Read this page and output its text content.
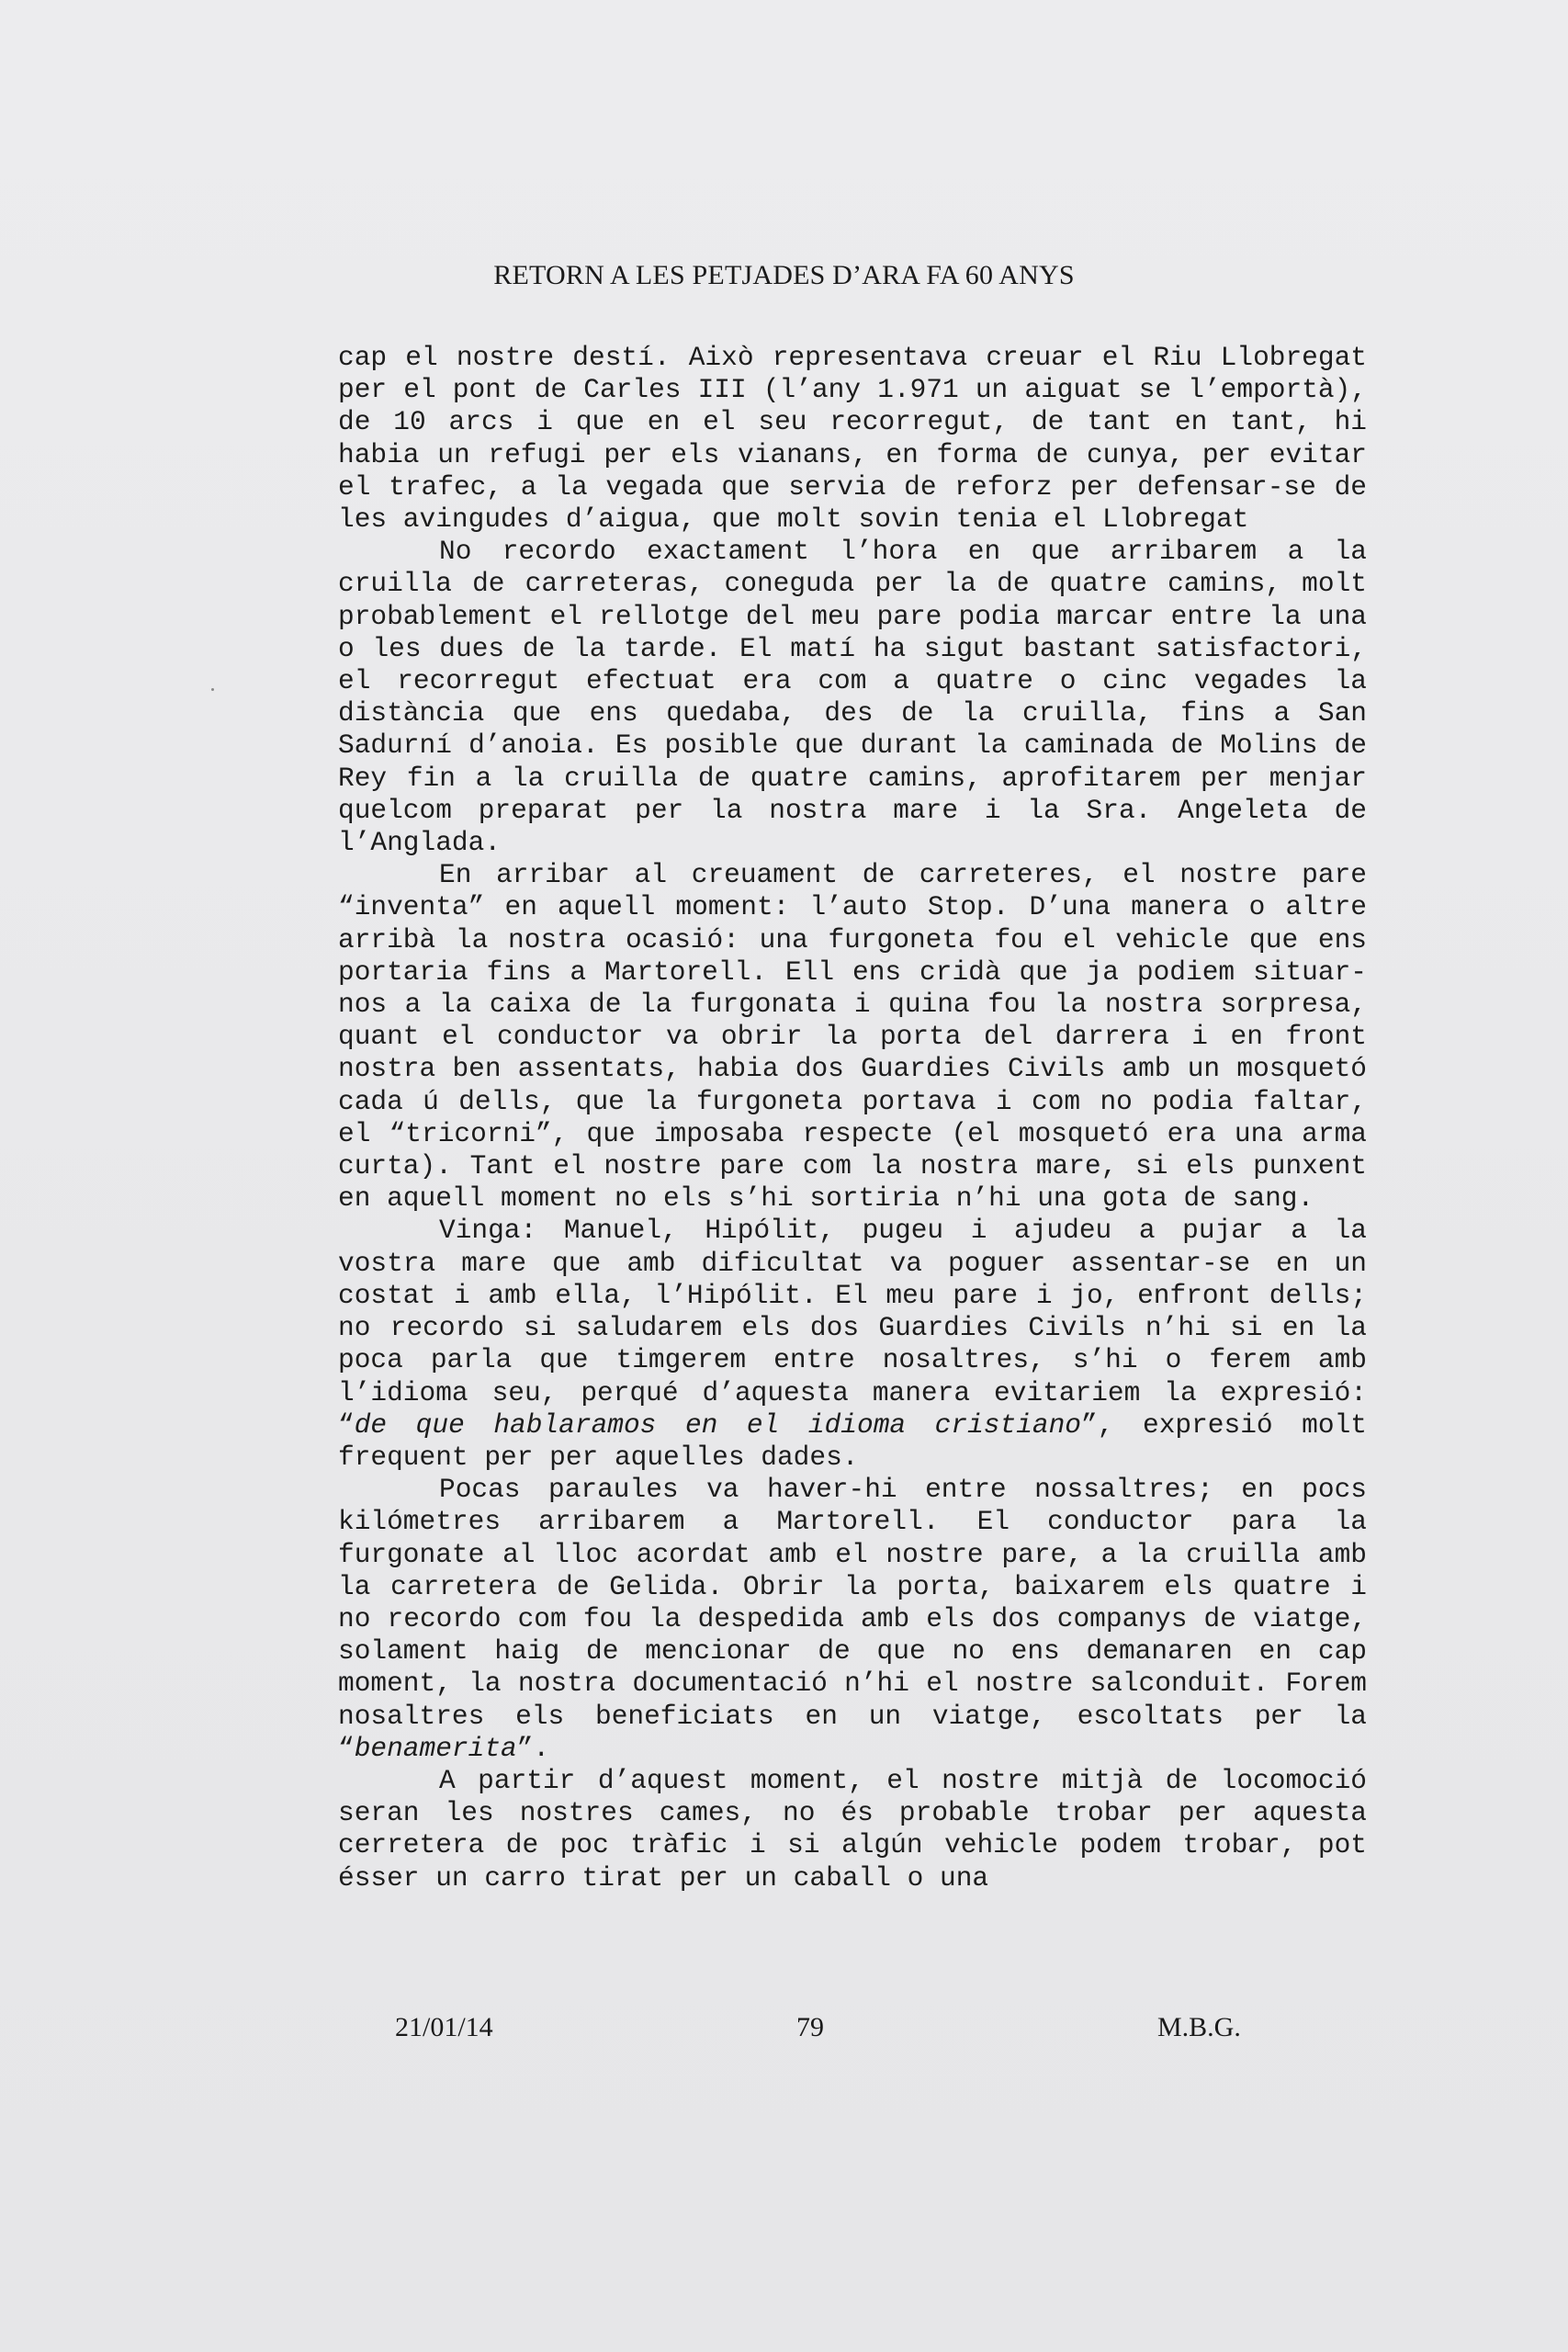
RETORN A LES PETJADES D’ARA FA 60 ANYS

cap el nostre destí. Això representava creuar el Riu Llobregat per el pont de Carles III (l’any 1.971 un aiguat se l’emportà), de 10 arcs i que en el seu recorregut, de tant en tant, hi habia un refugi per els vianans, en forma de cunya, per evitar el trafec, a la vegada que servia de reforz per defensar-se de les avingudes d’aigua, que molt sovin tenia el Llobregat

No recordo exactament l’hora en que arribarem a la cruilla de carreteras, coneguda per la de quatre camins, molt probablement el rellotge del meu pare podia marcar entre la una o les dues de la tarde. El matí ha sigut bastant satisfactori, el recorregut efectuat era com a quatre o cinc vegades la distància que ens quedaba, des de la cruilla, fins a San Sadurní d’anoia. Es posible que durant la caminada de Molins de Rey fin a la cruilla de quatre camins, aprofitarem per menjar quelcom preparat per la nostra mare i la Sra. Angeleta de l’Anglada.

En arribar al creuament de carreteres, el nostre pare “inventa” en aquell moment: l’auto Stop. D’una manera o altre arribà la nostra ocasió: una furgoneta fou el vehicle que ens portaria fins a Martorell. Ell ens cridà que ja podiem situar-nos a la caixa de la furgonata i quina fou la nostra sorpresa, quant el conductor va obrir la porta del darrera i en front nostra ben assentats, habia dos Guardies Civils amb un mosquetó cada ú dells, que la furgoneta portava i com no podia faltar, el “tricorni”, que imposaba respecte (el mosquetó era una arma curta). Tant el nostre pare com la nostra mare, si els punxent en aquell moment no els s’hi sortiria n’hi una gota de sang.

Vinga: Manuel, Hipólit, pugeu i ajudeu a pujar a la vostra mare que amb dificultat va poguer assentar-se en un costat i amb ella, l’Hipólit. El meu pare i jo, enfront dells; no recordo si saludarem els dos Guardies Civils n’hi si en la poca parla que timgerem entre nosaltres, s’hi o ferem amb l’idioma seu, perqué d’aquesta manera evitariem la expresió: “de que hablaramos en el idioma cristiano”, expresió molt frequent per per aquelles dades.

Pocas paraules va haver-hi entre nossaltres; en pocs kilómetres arribarem a Martorell. El conductor para la furgonate al lloc acordat amb el nostre pare, a la cruilla amb la carretera de Gelida. Obrir la porta, baixarem els quatre i no recordo com fou la despedida amb els dos companys de viatge, solament haig de mencionar de que no ens demanaren en cap moment, la nostra documentació n’hi el nostre salconduit. Forem nosaltres els beneficiats en un viatge, escoltats per la “benamerita”.

A partir d’aquest moment, el nostre mitjà de locomoció seran les nostres cames, no és probable trobar per aquesta cerretera de poc tràfic i si algún vehicle podem trobar, pot ésser un carro tirat per un caball o una

21/01/14	79	M.B.G.
